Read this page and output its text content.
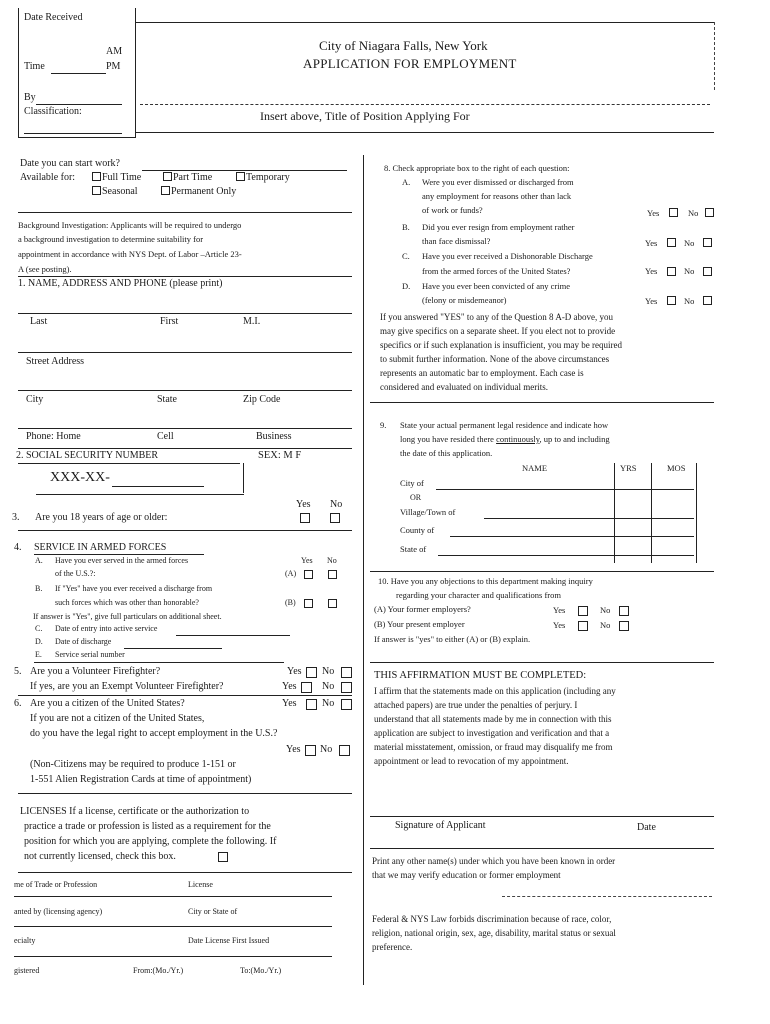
Date Received
AM
Time	PM
By
Classification:
City of Niagara Falls, New York
APPLICATION FOR EMPLOYMENT
Insert above, Title of Position Applying For
Date you can start work?
Available for:	Full Time	Part Time	Temporary
Seasonal	Permanent Only
Background Investigation: Applicants will be required to undergo
a background investigation to determine suitability for
appointment in accordance with NYS Dept. of Labor –Article 23-
A (see posting).
1. NAME, ADDRESS AND PHONE (please print)
Last	First	M.I.
Street Address
City	State	Zip Code
Phone: Home	Cell	Business
2. SOCIAL SECURITY NUMBER	SEX: M F
XXX-XX-
Yes No
3. Are you 18 years of age or older:
4. SERVICE IN ARMED FORCES
A. Have you ever served in the armed forces	Yes No
of the U.S.?:	(A)
B. If "Yes" have you ever received a discharge from
such forces which was other than honorable?	(B)
If answer is "Yes", give full particulars on additional sheet.
C. Date of entry into active service
D. Date of discharge
E. Service serial number
5. Are you a Volunteer Firefighter?	Yes No
If yes, are you an Exempt Volunteer Firefighter?	Yes	No
6. Are you a citizen of the United States?	Yes	No
If you are not a citizen of the United States,
do you have the legal right to accept employment in the U.S.?
Yes No
(Non-Citizens may be required to produce 1-151 or
1-551 Alien Registration Cards at time of appointment)
LICENSES If a license, certificate or the authorization to
practice a trade or profession is listed as a requirement for the
position for which you are applying, complete the following. If
not currently licensed, check this box.
me of Trade or Profession	License
anted by (licensing agency)	City or State of
ecialty	Date License First Issued
gistered	From:(Mo./Yr.)	To:(Mo./Yr.)
8. Check appropriate box to the right of each question:
A. Were you ever dismissed or discharged from
any employment for reasons other than lack
of work or funds?	Yes	No
B. Did you ever resign from employment rather
than face dismissal?	Yes	No
C. Have you ever received a Dishonorable Discharge
from the armed forces of the United States?	Yes	No
D. Have you ever been convicted of any crime
(felony or misdemeanor)	Yes	No
If you answered "YES" to any of the Question 8 A-D above, you
may give specifics on a separate sheet. If you elect not to provide
specifics or if such explanation is insufficient, you may be required
to submit further information. None of the above circumstances
represents an automatic bar to employment. Each case is
considered and evaluated on individual merits.
9. State your actual permanent legal residence and indicate how
long you have resided there continuously, up to and including
the date of this application.
NAME	YRS	MOS
City of
OR
Village/Town of
County of
State of
10. Have you any objections to this department making inquiry
regarding your character and qualifications from
(A) Your former employers?	Yes	No
(B) Your present employer	Yes	No
If answer is "yes" to either (A) or (B) explain.
THIS AFFIRMATION MUST BE COMPLETED:
I affirm that the statements made on this application (including any
attached papers) are true under the penalties of perjury. I
understand that all statements made by me in connection with this
application are subject to investigation and verification and that a
material misstatement, omission, or fraud may disqualify me from
appointment or lead to revocation of my appointment.
Signature of Applicant	Date
Print any other name(s) under which you have been known in order
that we may verify education or former employment
Federal & NYS Law forbids discrimination because of race, color,
religion, national origin, sex, age, disability, marital status or sexual
preference.
